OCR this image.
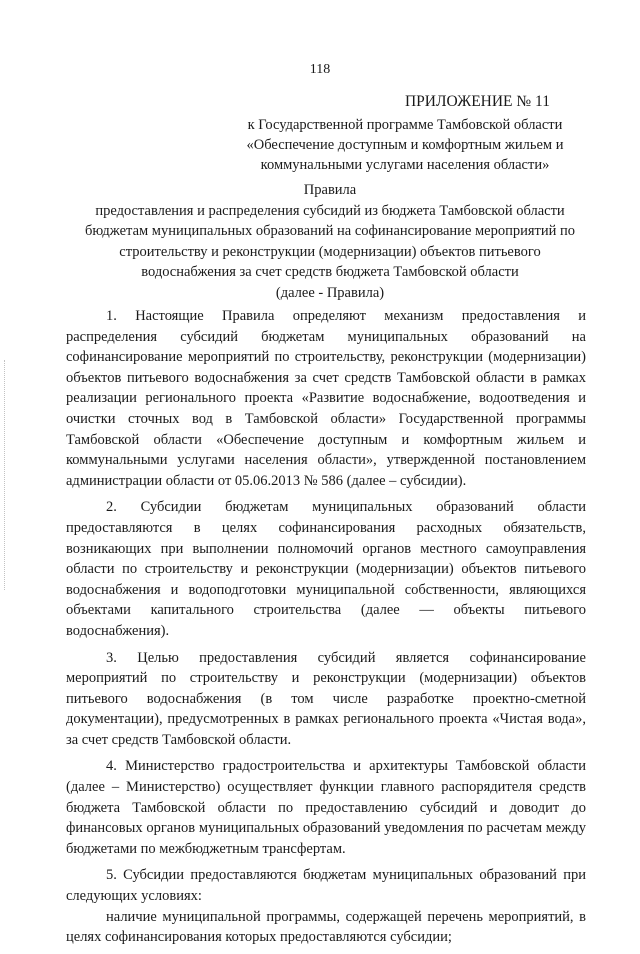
118
ПРИЛОЖЕНИЕ № 11
к Государственной программе Тамбовской области
«Обеспечение доступным и комфортным жильем и
коммунальными услугами населения области»
Правила
предоставления и распределения субсидий из бюджета Тамбовской области
бюджетам муниципальных образований на софинансирование мероприятий по
строительству и реконструкции (модернизации) объектов питьевого
водоснабжения за счет средств бюджета Тамбовской области
(далее - Правила)

1. Настоящие Правила определяют механизм предоставления и распределения субсидий бюджетам муниципальных образований на софинансирование мероприятий по строительству, реконструкции (модернизации) объектов питьевого водоснабжения за счет средств Тамбовской области в рамках реализации регионального проекта «Развитие водоснабжение, водоотведения и очистки сточных вод в Тамбовской области» Государственной программы Тамбовской области «Обеспечение доступным и комфортным жильем и коммунальными услугами населения области», утвержденной постановлением администрации области от 05.06.2013 № 586 (далее – субсидии).

2. Субсидии бюджетам муниципальных образований области предоставляются в целях софинансирования расходных обязательств, возникающих при выполнении полномочий органов местного самоуправления области по строительству и реконструкции (модернизации) объектов питьевого водоснабжения и водоподготовки муниципальной собственности, являющихся объектами капитального строительства (далее — объекты питьевого водоснабжения).

3. Целью предоставления субсидий является софинансирование мероприятий по строительству и реконструкции (модернизации) объектов питьевого водоснабжения (в том числе разработке проектно-сметной документации), предусмотренных в рамках регионального проекта «Чистая вода», за счет средств Тамбовской области.

4. Министерство градостроительства и архитектуры Тамбовской области (далее – Министерство) осуществляет функции главного распорядителя средств бюджета Тамбовской области по предоставлению субсидий и доводит до финансовых органов муниципальных образований уведомления по расчетам между бюджетами по межбюджетным трансфертам.

5. Субсидии предоставляются бюджетам муниципальных образований при следующих условиях:

наличие муниципальной программы, содержащей перечень мероприятий, в целях софинансирования которых предоставляются субсидии;
